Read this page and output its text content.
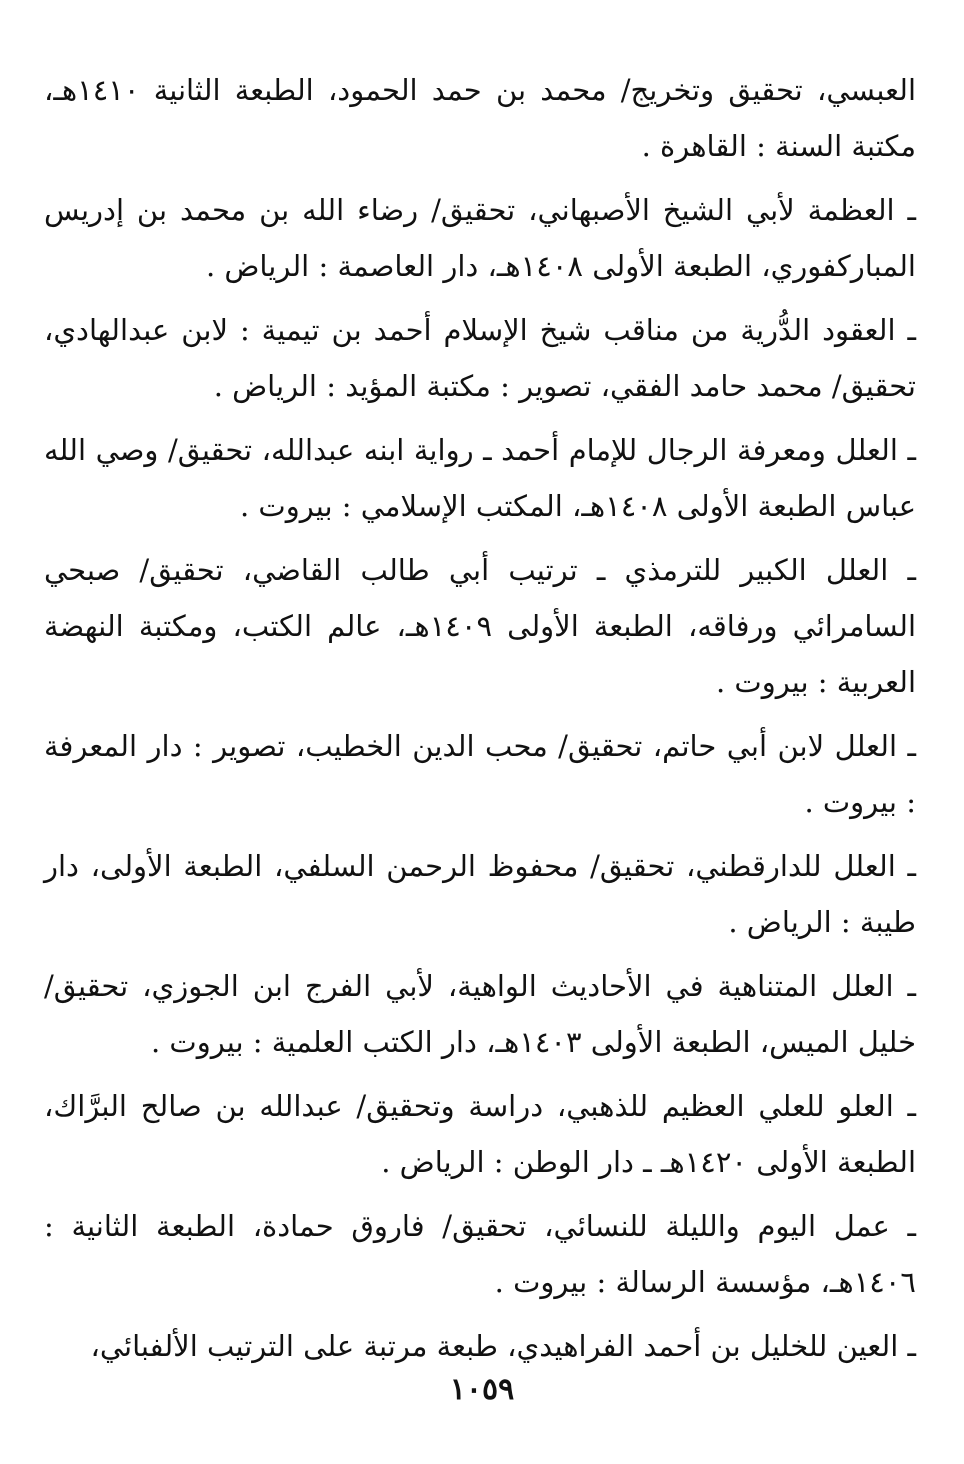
العبسي، تحقيق وتخريج/ محمد بن حمد الحمود، الطبعة الثانية ١٤١٠هـ، مكتبة السنة : القاهرة .

ـ العظمة لأبي الشيخ الأصبهاني، تحقيق/ رضاء الله بن محمد بن إدريس المباركفوري، الطبعة الأولى ١٤٠٨هـ، دار العاصمة : الرياض .

ـ العقود الدُّرية من مناقب شيخ الإسلام أحمد بن تيمية : لابن عبدالهادي، تحقيق/ محمد حامد الفقي، تصوير : مكتبة المؤيد : الرياض .

ـ العلل ومعرفة الرجال للإمام أحمد ـ رواية ابنه عبدالله، تحقيق/ وصي الله عباس الطبعة الأولى ١٤٠٨هـ، المكتب الإسلامي : بيروت .

ـ العلل الكبير للترمذي ـ ترتيب أبي طالب القاضي، تحقيق/ صبحي السامرائي ورفاقه، الطبعة الأولى ١٤٠٩هـ، عالم الكتب، ومكتبة النهضة العربية : بيروت .

ـ العلل لابن أبي حاتم، تحقيق/ محب الدين الخطيب، تصوير : دار المعرفة : بيروت .

ـ العلل للدارقطني، تحقيق/ محفوظ الرحمن السلفي، الطبعة الأولى، دار طيبة : الرياض .

ـ العلل المتناهية في الأحاديث الواهية، لأبي الفرج ابن الجوزي، تحقيق/ خليل الميس، الطبعة الأولى ١٤٠٣هـ، دار الكتب العلمية : بيروت .

ـ العلو للعلي العظيم للذهبي، دراسة وتحقيق/ عبدالله بن صالح البرَّاك، الطبعة الأولى ١٤٢٠هـ ـ دار الوطن : الرياض .

ـ عمل اليوم والليلة للنسائي، تحقيق/ فاروق حمادة، الطبعة الثانية : ١٤٠٦هـ، مؤسسة الرسالة : بيروت .

ـ العين للخليل بن أحمد الفراهيدي، طبعة مرتبة على الترتيب الألفبائي،

١٠٥٩
